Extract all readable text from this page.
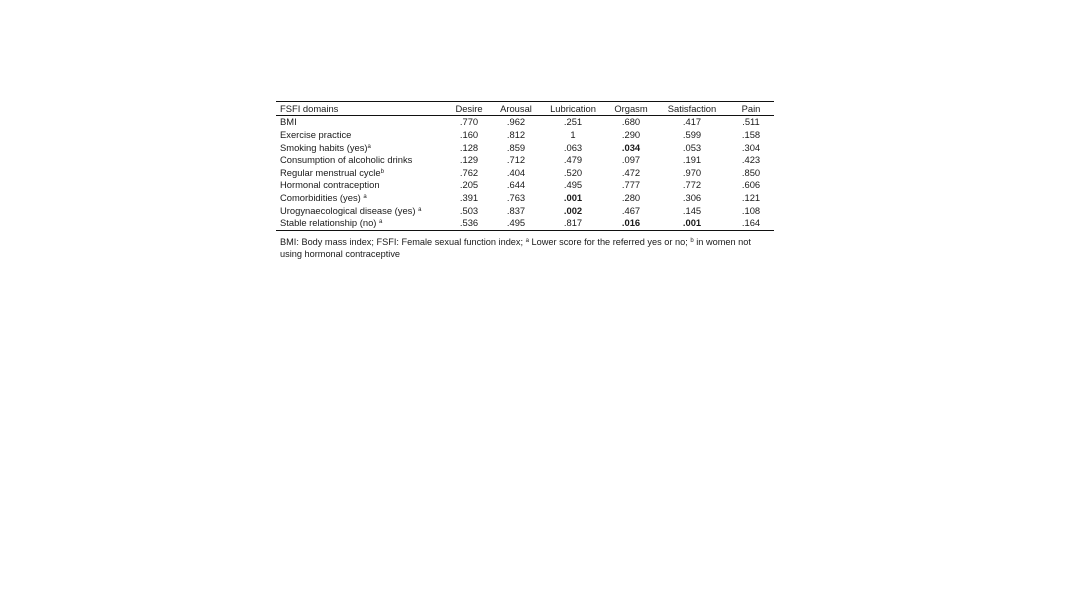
FSFI domains	Desire	Arousal	Lubrication	Orgasm	Satisfaction	Pain
BMI	.770	.962	.251	.680	.417	.511
Exercise practice	.160	.812	1	.290	.599	.158
Smoking habits (yes)$^a$	.128	.859	.063	.034	.053	.304
Consumption of alcoholic drinks	.129	.712	.479	.097	.191	.423
Regular menstrual cycle$^b$	.762	.404	.520	.472	.970	.850
Hormonal contraception	.205	.644	.495	.777	.772	.606
Comorbidities (yes) $^a$	.391	.763	.001	.280	.306	.121
Urogynaecological disease (yes) $^a$	.503	.837	.002	.467	.145	.108
Stable relationship (no) $^a$	.536	.495	.817	.016	.001	.164
BMI: Body mass index; FSFI: Female sexual function index; $^a$ Lower score for the referred yes or no; $^b$ in women not using hormonal contraceptive
